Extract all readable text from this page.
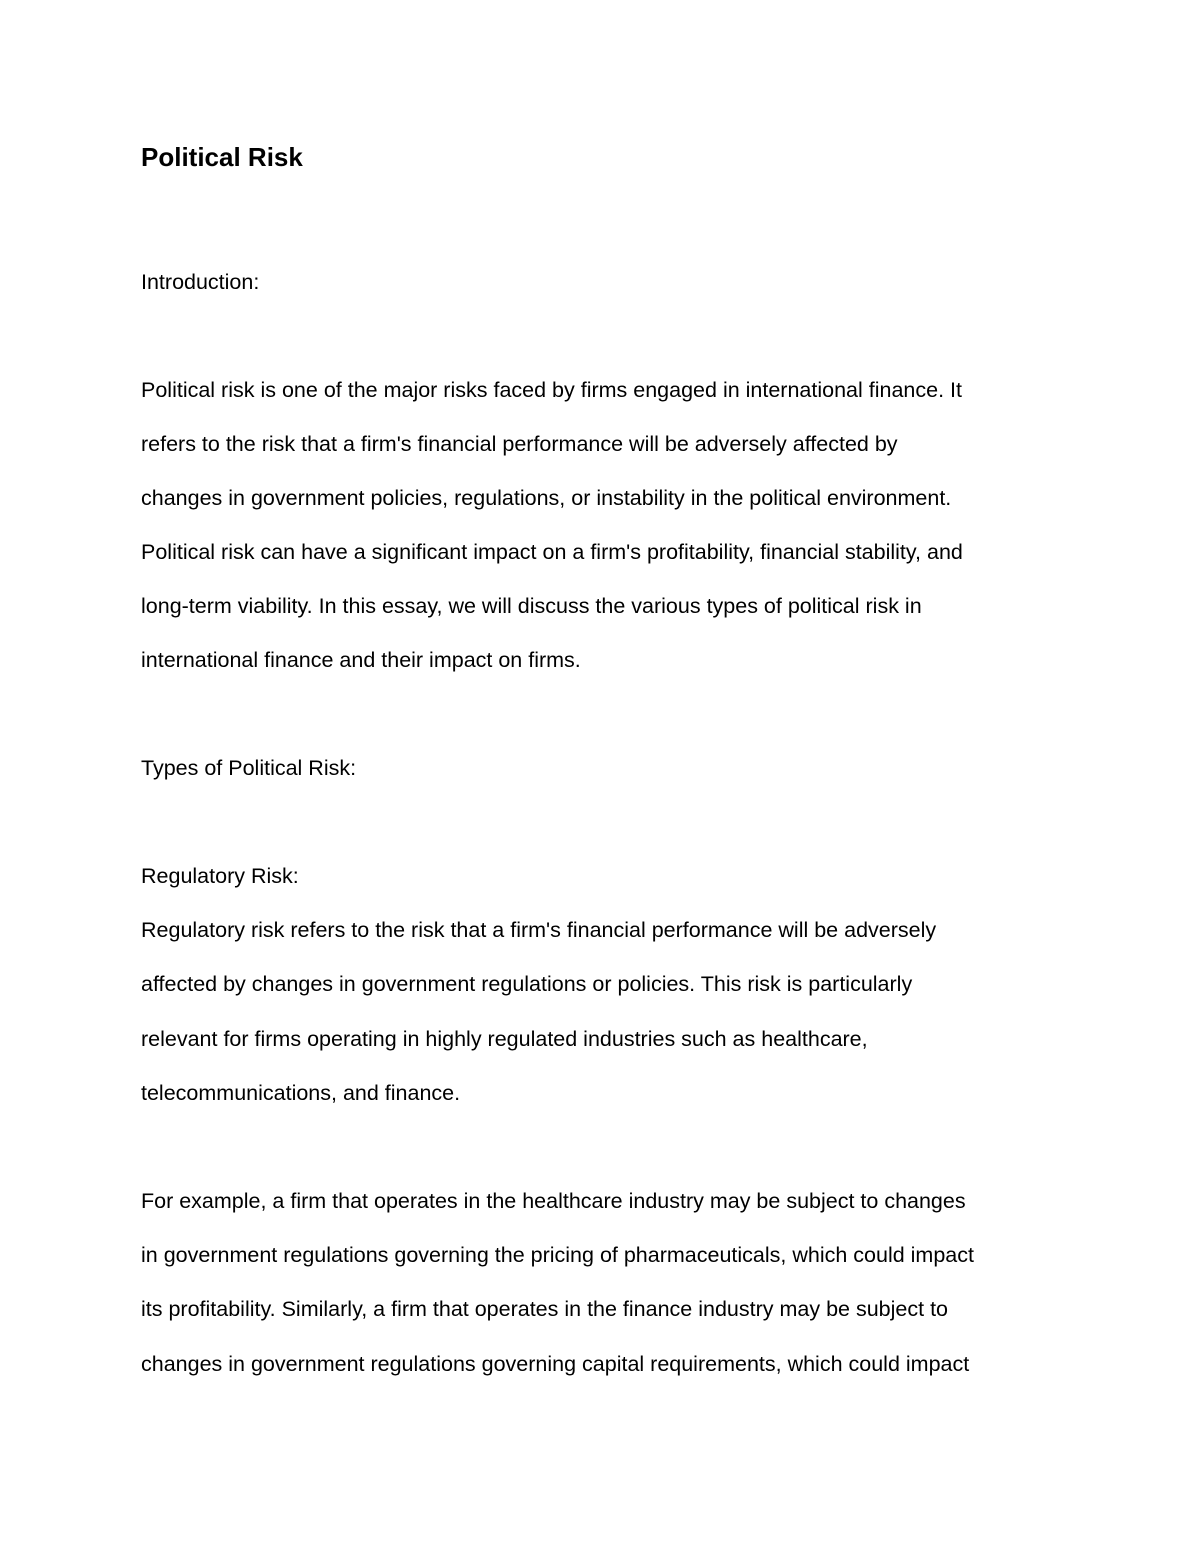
Political Risk

Introduction:

Political risk is one of the major risks faced by firms engaged in international finance. It

refers to the risk that a firm's financial performance will be adversely affected by

changes in government policies, regulations, or instability in the political environment.

Political risk can have a significant impact on a firm's profitability, financial stability, and

long-term viability. In this essay, we will discuss the various types of political risk in

international finance and their impact on firms.

Types of Political Risk:

Regulatory Risk:

Regulatory risk refers to the risk that a firm's financial performance will be adversely

affected by changes in government regulations or policies. This risk is particularly

relevant for firms operating in highly regulated industries such as healthcare,

telecommunications, and finance.

For example, a firm that operates in the healthcare industry may be subject to changes

in government regulations governing the pricing of pharmaceuticals, which could impact

its profitability. Similarly, a firm that operates in the finance industry may be subject to

changes in government regulations governing capital requirements, which could impact
